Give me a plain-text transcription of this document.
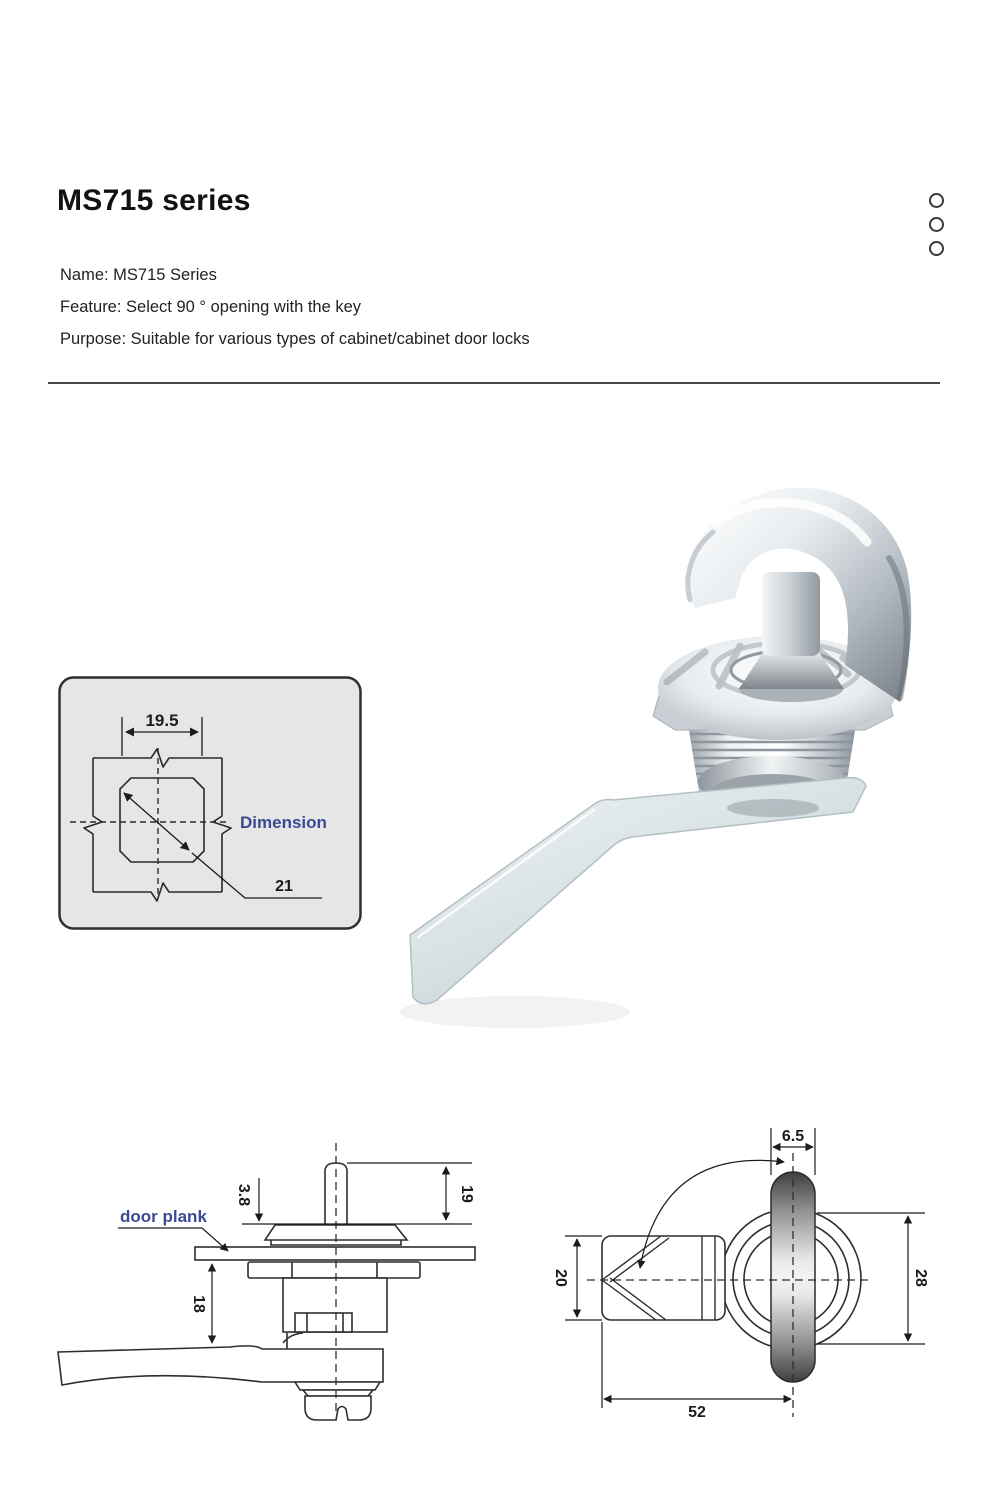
MS715 series
Name: MS715 Series
Feature: Select 90 ° opening with the key
Purpose: Suitable for various types of cabinet/cabinet door locks
19.5
21
Dimension
19
3.8
18
door plank
6.5
20	28
52
